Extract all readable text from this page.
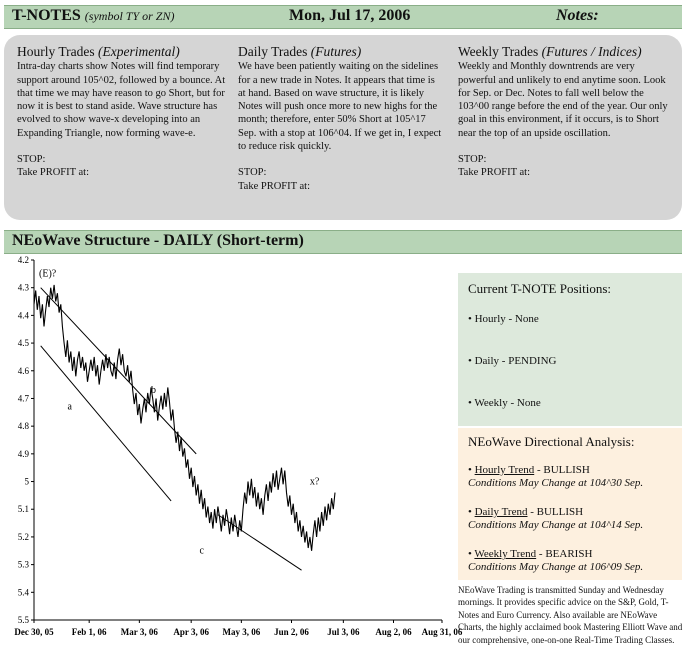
T-NOTES (symbol TY or ZN)	Mon, Jul 17, 2006	Notes:
Hourly Trades (Experimental)

Intra-day charts show Notes will find temporary support around 105^02, followed by a bounce. At that time we may have reason to go Short, but for now it is best to stand aside. Wave structure has evolved to show wave-x developing into an Expanding Triangle, now forming wave-e.

STOP:

Take PROFIT at:

Daily Trades (Futures)

We have been patiently waiting on the sidelines for a new trade in Notes. It appears that time is at hand. Based on wave structure, it is likely Notes will push once more to new highs for the month; therefore, enter 50% Short at 105^17 Sep. with a stop at 106^04. If we get in, I expect to reduce risk quickly.

STOP:

Take PROFIT at:

Weekly Trades (Futures / Indices)

Weekly and Monthly downtrends are very powerful and unlikely to end anytime soon. Look for Sep. or Dec. Notes to fall well below the 103^00 range before the end of the year. Our only goal in this environment, if it occurs, is to Short near the top of an upside oscillation.

STOP:

Take PROFIT at:

NEoWave Structure - DAILY (Short-term)
4.2
4.3
4.4
4.5
4.6
4.7
4.8
4.9
5
5.1
5.2
5.3
5.4
5.5
Dec 30, 05 Feb 1, 06 Mar 3, 06 Apr 3, 06 May 3, 06 Jun 2, 06 Jul 3, 06 Aug 2, 06 Aug 31, 06
(E)?
b
a
c
x?
Current T-NOTE Positions:
• Hourly - None
• Daily - PENDING
• Weekly - None
NEoWave Directional Analysis:
• Hourly Trend - BULLISH
Conditions May Change at 104^30 Sep.
• Daily Trend - BULLISH
Conditions May Change at 104^14 Sep.
• Weekly Trend - BEARISH
Conditions May Change at 106^09 Sep.
NEoWave Trading is transmitted Sunday and Wednesday mornings. It provides specific advice on the S&P, Gold, T-Notes and Euro Currency. Also available are NEoWave Charts, the highly acclaimed book Mastering Elliott Wave and our comprehensive, one-on-one Real-Time Trading Classes.
